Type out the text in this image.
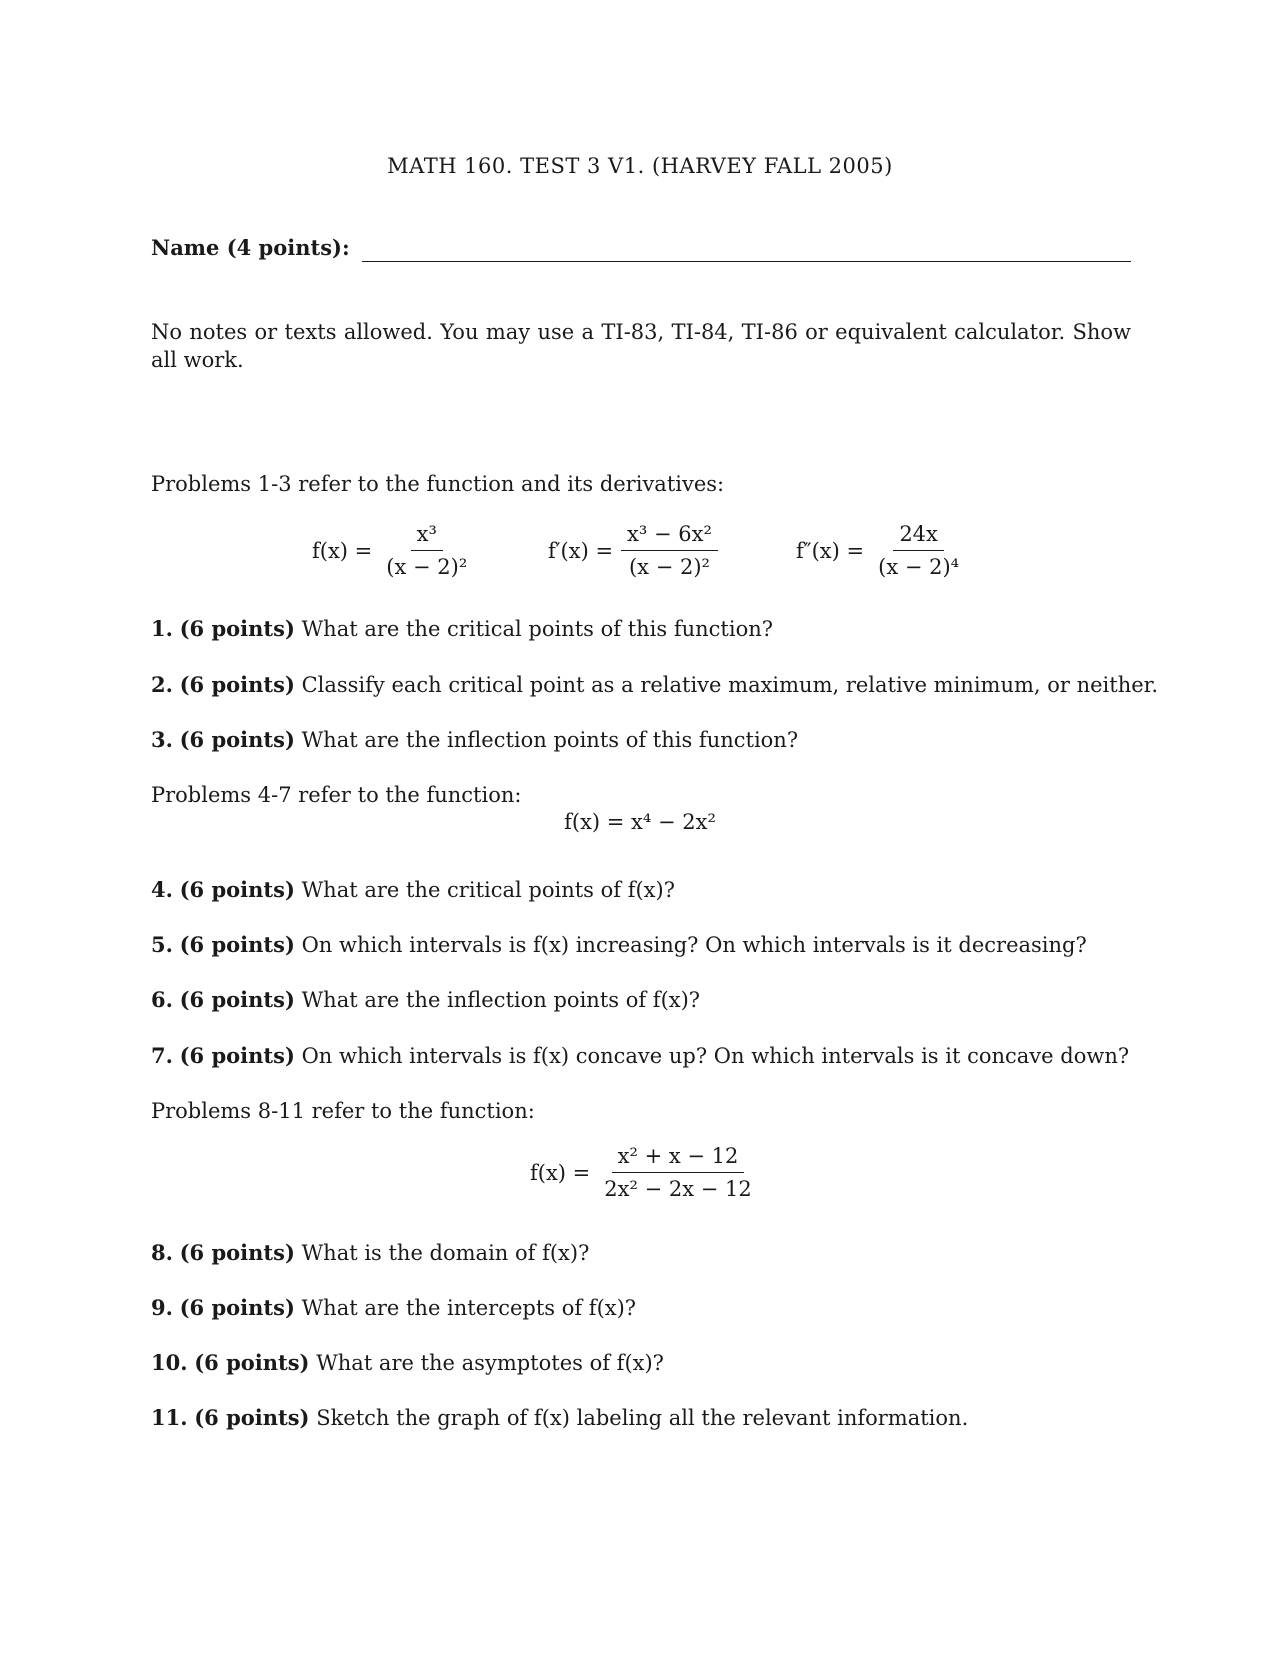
MATH 160. TEST 3 V1. (HARVEY FALL 2005)
Name (4 points):
No notes or texts allowed. You may use a TI-83, TI-84, TI-86 or equivalent calculator. Show all work.
Problems 1-3 refer to the function and its derivatives:
$f(x) = \frac{\text{x³}}{\text{(x − 2)²}}$	$f'(x) = \frac{\text{x³ − 6x²}}{\text{(x − 2)²}}$	$f''(x) = \frac{24x}{\text{(x − 2)⁴}}$
1. (6 points) What are the critical points of this function?
2. (6 points) Classify each critical point as a relative maximum, relative minimum, or neither.
3. (6 points) What are the inflection points of this function?
Problems 4-7 refer to the function:
f(x) = x⁴ − 2x²
4. (6 points) What are the critical points of f(x)?
5. (6 points) On which intervals is f(x) increasing? On which intervals is it decreasing?
6. (6 points) What are the inflection points of f(x)?
7. (6 points) On which intervals is f(x) concave up? On which intervals is it concave down?
Problems 8-11 refer to the function:
$f(x) = \frac{\text{x² + x − 12}}{\text{2x² − 2x − 12}}$
8. (6 points) What is the domain of f(x)?
9. (6 points) What are the intercepts of f(x)?
10. (6 points) What are the asymptotes of f(x)?
11. (6 points) Sketch the graph of f(x) labeling all the relevant information.
